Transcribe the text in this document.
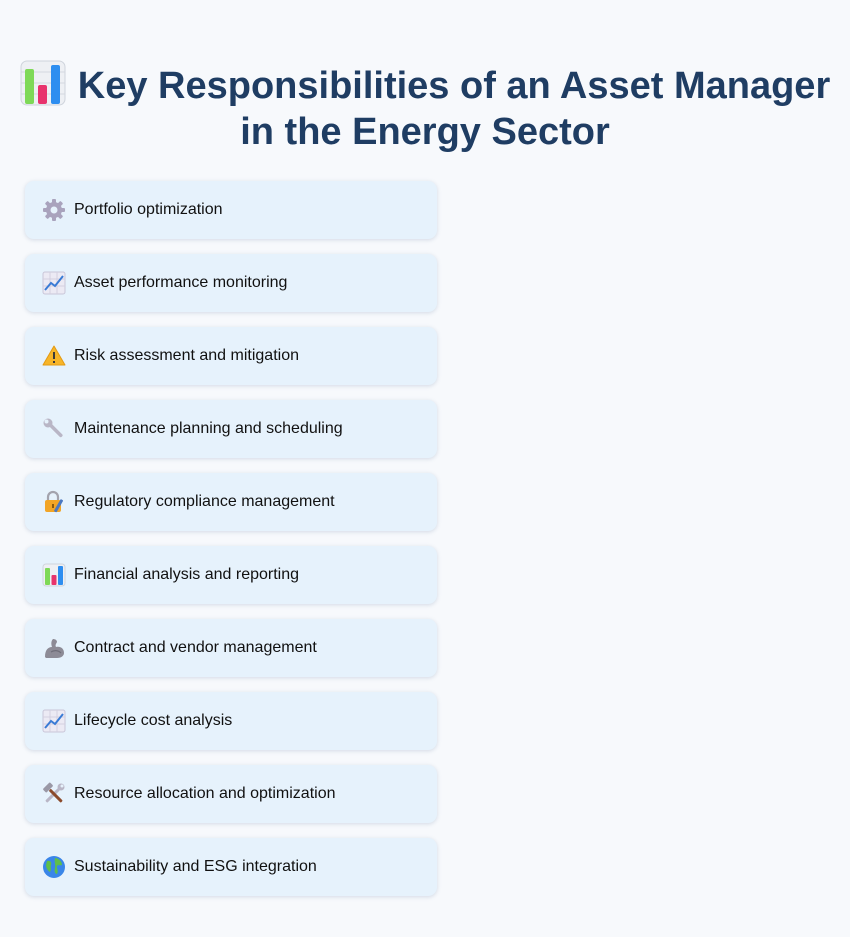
Key Responsibilities of an Asset Manager in the Energy Sector
Portfolio optimization
Asset performance monitoring
Risk assessment and mitigation
Maintenance planning and scheduling
Regulatory compliance management
Financial analysis and reporting
Contract and vendor management
Lifecycle cost analysis
Resource allocation and optimization
Sustainability and ESG integration
